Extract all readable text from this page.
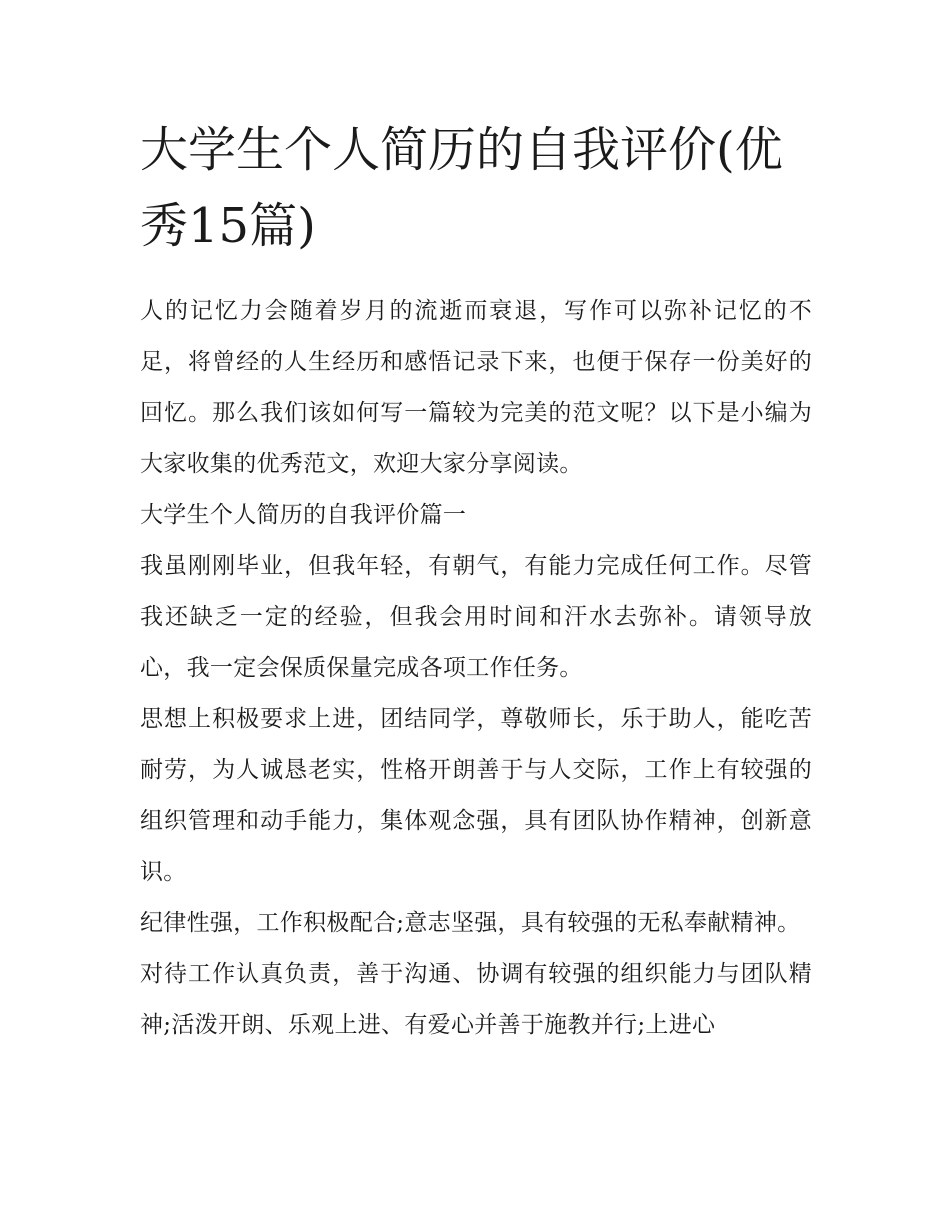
大学生个人简历的自我评价(优秀15篇)

人的记忆力会随着岁月的流逝而衰退，写作可以弥补记忆的不足，将曾经的人生经历和感悟记录下来，也便于保存一份美好的回忆。那么我们该如何写一篇较为完美的范文呢？以下是小编为大家收集的优秀范文，欢迎大家分享阅读。

大学生个人简历的自我评价篇一

我虽刚刚毕业，但我年轻，有朝气，有能力完成任何工作。尽管我还缺乏一定的经验，但我会用时间和汗水去弥补。请领导放心，我一定会保质保量完成各项工作任务。

思想上积极要求上进，团结同学，尊敬师长，乐于助人，能吃苦耐劳，为人诚恳老实，性格开朗善于与人交际，工作上有较强的组织管理和动手能力，集体观念强，具有团队协作精神，创新意识。

纪律性强，工作积极配合;意志坚强，具有较强的无私奉献精神。

对待工作认真负责，善于沟通、协调有较强的组织能力与团队精神;活泼开朗、乐观上进、有爱心并善于施教并行;上进心
